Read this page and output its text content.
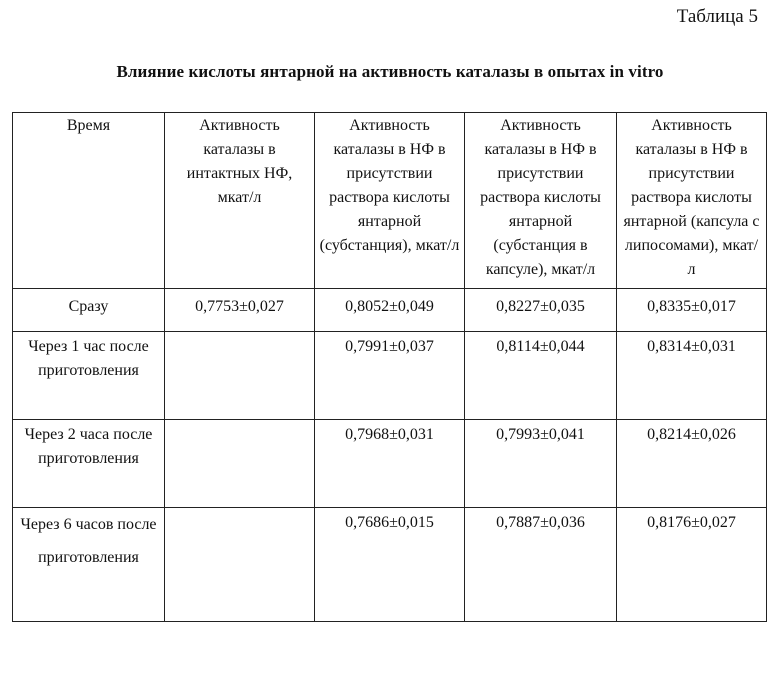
Таблица 5
Влияние кислоты янтарной на активность каталазы в опытах in vitro
Время	Активность каталазы в интактных НФ, мкат/л	Активность каталазы в НФ в присутствии раствора кислоты янтарной (субстанция), мкат/л	Активность каталазы в НФ в присутствии раствора кислоты янтарной (субстанция в капсуле), мкат/л	Активность каталазы в НФ в присутствии раствора кислоты янтарной (капсула с липосомами), мкат/л
Сразу	0,7753±0,027	0,8052±0,049	0,8227±0,035	0,8335±0,017
Через 1 час после приготовления		0,7991±0,037	0,8114±0,044	0,8314±0,031
Через 2 часа после приготовления		0,7968±0,031	0,7993±0,041	0,8214±0,026
Через 6 часов после приготовления		0,7686±0,015	0,7887±0,036	0,8176±0,027
